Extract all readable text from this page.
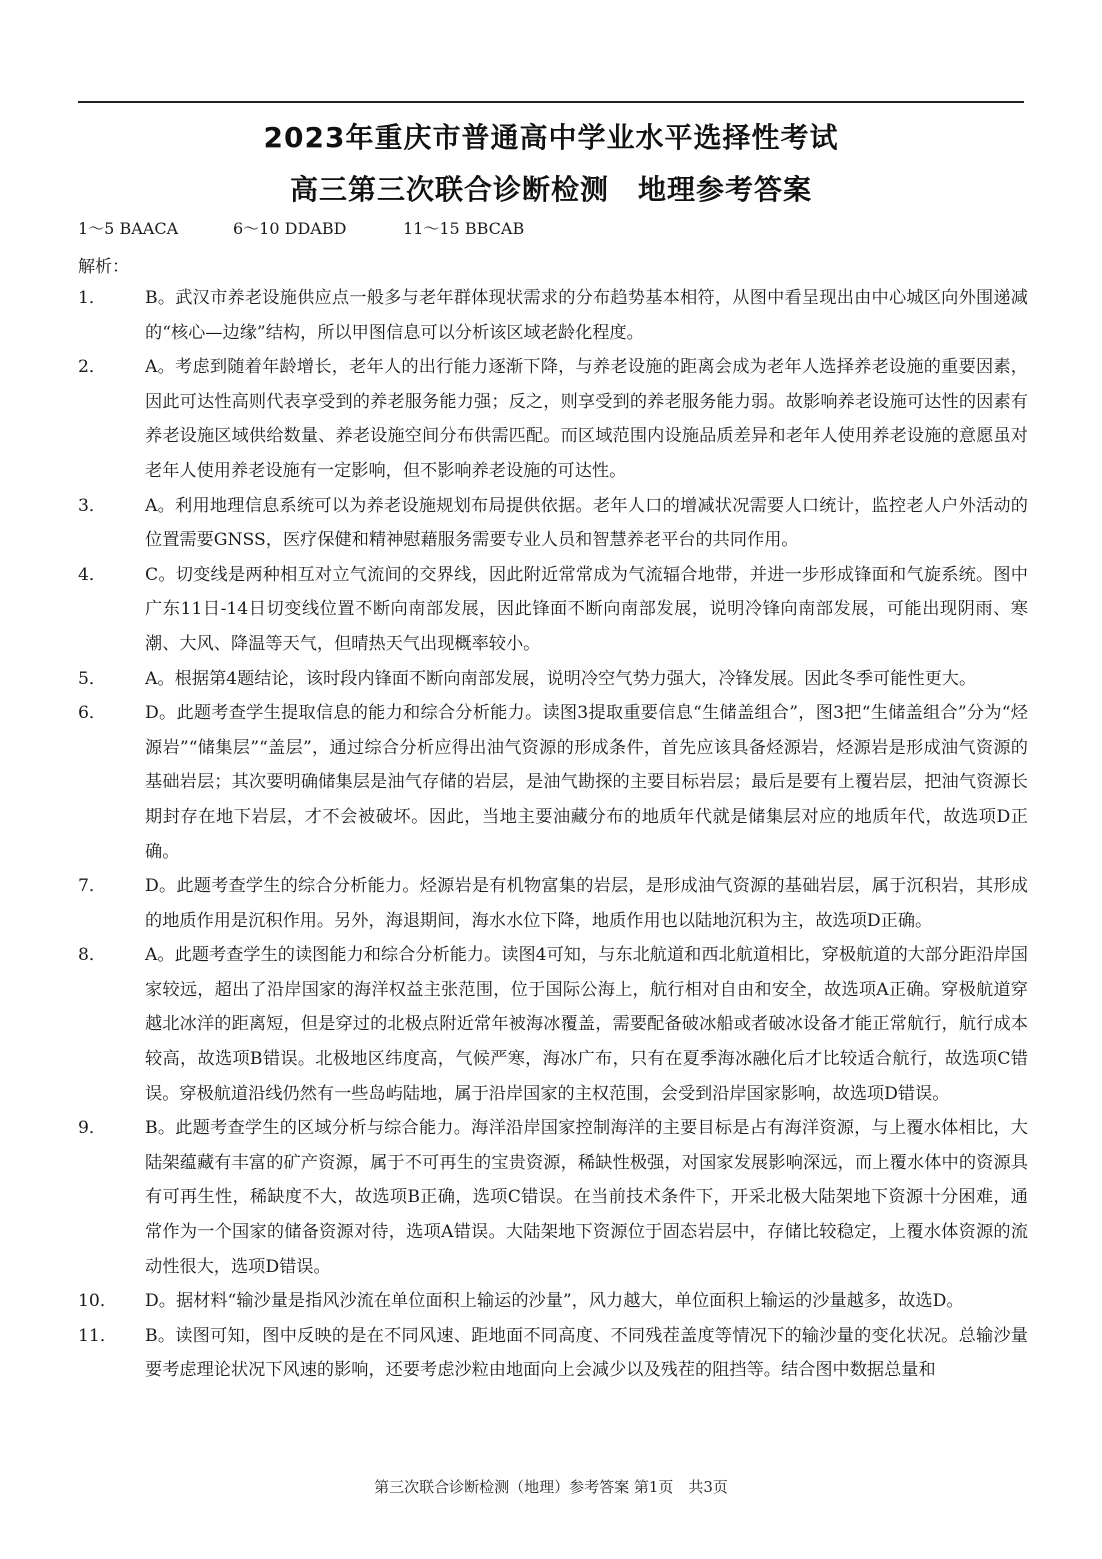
2023年重庆市普通高中学业水平选择性考试
高三第三次联合诊断检测　地理参考答案
1～5 BAACA	6～10 DDABD	11～15 BBCAB
解析：
1．	B。武汉市养老设施供应点一般多与老年群体现状需求的分布趋势基本相符，从图中看呈现出由中心城区向外围递减的“核心—边缘”结构，所以甲图信息可以分析该区域老龄化程度。
2．	A。考虑到随着年龄增长，老年人的出行能力逐渐下降，与养老设施的距离会成为老年人选择养老设施的重要因素，因此可达性高则代表享受到的养老服务能力强；反之，则享受到的养老服务能力弱。故影响养老设施可达性的因素有养老设施区域供给数量、养老设施空间分布供需匹配。而区域范围内设施品质差异和老年人使用养老设施的意愿虽对老年人使用养老设施有一定影响，但不影响养老设施的可达性。
3．	A。利用地理信息系统可以为养老设施规划布局提供依据。老年人口的增减状况需要人口统计，监控老人户外活动的位置需要GNSS，医疗保健和精神慰藉服务需要专业人员和智慧养老平台的共同作用。
4．	C。切变线是两种相互对立气流间的交界线，因此附近常常成为气流辐合地带，并进一步形成锋面和气旋系统。图中广东11日-14日切变线位置不断向南部发展，因此锋面不断向南部发展，说明冷锋向南部发展，可能出现阴雨、寒潮、大风、降温等天气，但晴热天气出现概率较小。
5．	A。根据第4题结论，该时段内锋面不断向南部发展，说明冷空气势力强大，冷锋发展。因此冬季可能性更大。
6．	D。此题考查学生提取信息的能力和综合分析能力。读图3提取重要信息“生储盖组合”，图3把“生储盖组合”分为“烃源岩”“储集层”“盖层”，通过综合分析应得出油气资源的形成条件，首先应该具备烃源岩，烃源岩是形成油气资源的基础岩层；其次要明确储集层是油气存储的岩层，是油气勘探的主要目标岩层；最后是要有上覆岩层，把油气资源长期封存在地下岩层，才不会被破坏。因此，当地主要油藏分布的地质年代就是储集层对应的地质年代，故选项D正确。
7．	D。此题考查学生的综合分析能力。烃源岩是有机物富集的岩层，是形成油气资源的基础岩层，属于沉积岩，其形成的地质作用是沉积作用。另外，海退期间，海水水位下降，地质作用也以陆地沉积为主，故选项D正确。
8．	A。此题考查学生的读图能力和综合分析能力。读图4可知，与东北航道和西北航道相比，穿极航道的大部分距沿岸国家较远，超出了沿岸国家的海洋权益主张范围，位于国际公海上，航行相对自由和安全，故选项A正确。穿极航道穿越北冰洋的距离短，但是穿过的北极点附近常年被海冰覆盖，需要配备破冰船或者破冰设备才能正常航行，航行成本较高，故选项B错误。北极地区纬度高，气候严寒，海冰广布，只有在夏季海冰融化后才比较适合航行，故选项C错误。穿极航道沿线仍然有一些岛屿陆地，属于沿岸国家的主权范围，会受到沿岸国家影响，故选项D错误。
9．	B。此题考查学生的区域分析与综合能力。海洋沿岸国家控制海洋的主要目标是占有海洋资源，与上覆水体相比，大陆架蕴藏有丰富的矿产资源，属于不可再生的宝贵资源，稀缺性极强，对国家发展影响深远，而上覆水体中的资源具有可再生性，稀缺度不大，故选项B正确，选项C错误。在当前技术条件下，开采北极大陆架地下资源十分困难，通常作为一个国家的储备资源对待，选项A错误。大陆架地下资源位于固态岩层中，存储比较稳定，上覆水体资源的流动性很大，选项D错误。
10．	D。据材料“输沙量是指风沙流在单位面积上输运的沙量”，风力越大，单位面积上输运的沙量越多，故选D。
11．	B。读图可知，图中反映的是在不同风速、距地面不同高度、不同残茬盖度等情况下的输沙量的变化状况。总输沙量要考虑理论状况下风速的影响，还要考虑沙粒由地面向上会减少以及残茬的阻挡等。结合图中数据总量和
第三次联合诊断检测（地理）参考答案 第1页　共3页
